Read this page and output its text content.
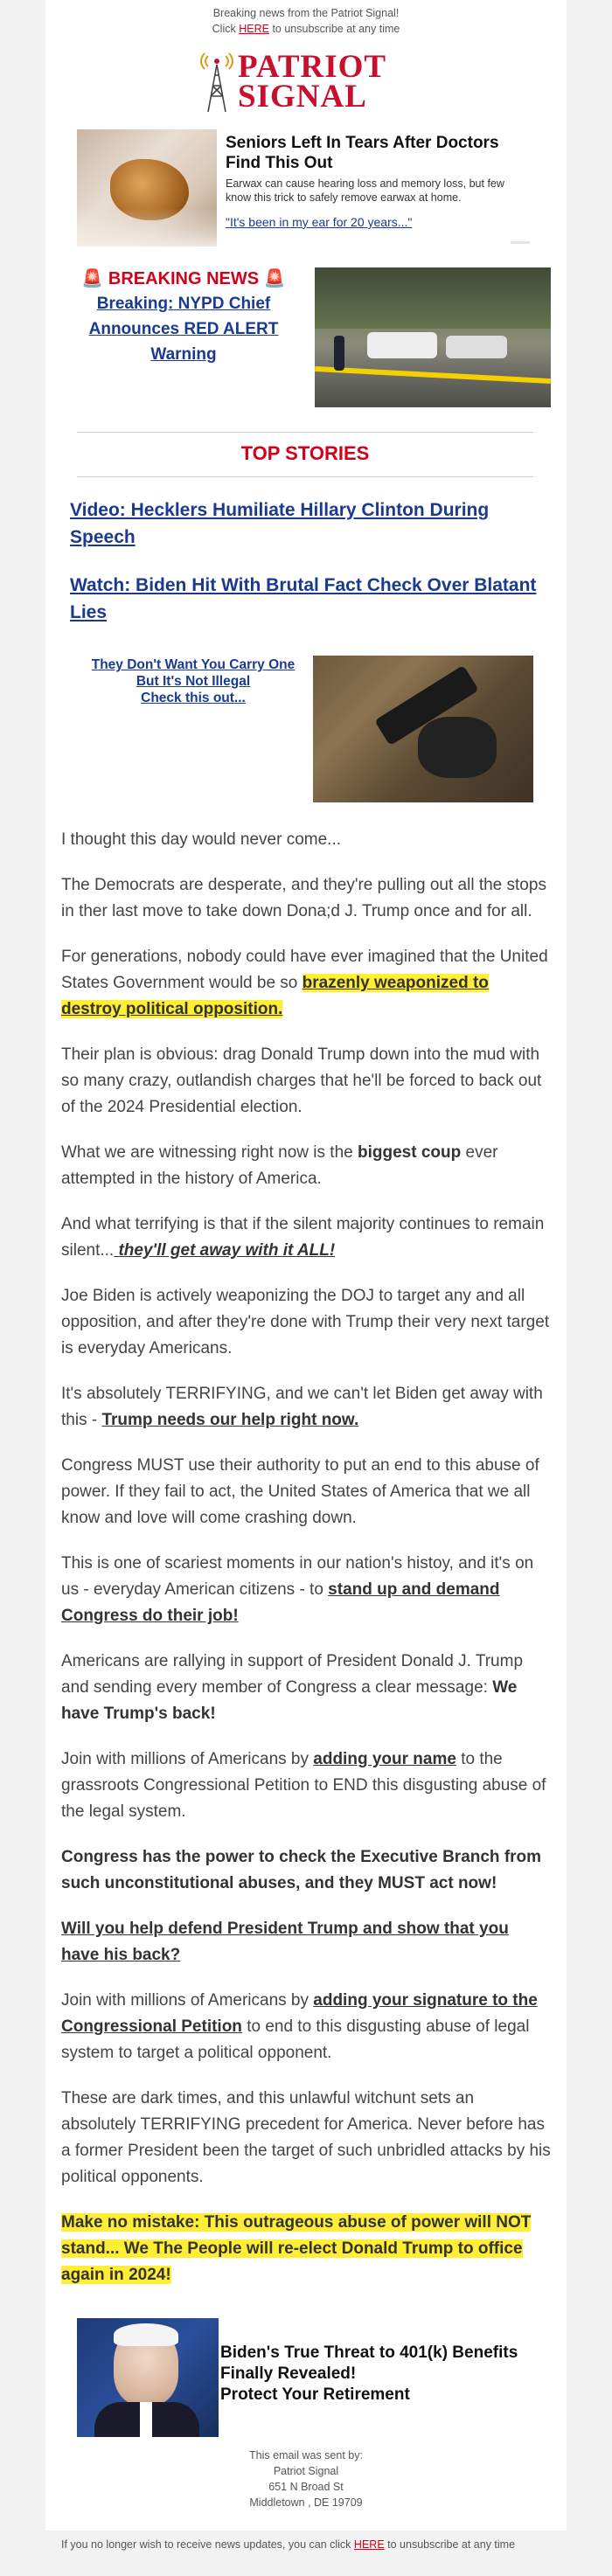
Breaking news from the Patriot Signal!
Click HERE to unsubscribe at any time
PATRIOT
SIGNAL
Seniors Left In Tears After Doctors Find This Out
Earwax can cause hearing loss and memory loss, but few know this trick to safely remove earwax at home.
"It's been in my ear for 20 years..."
🚨 BREAKING NEWS 🚨
Breaking: NYPD Chief Announces RED ALERT Warning
TOP STORIES
Video: Hecklers Humiliate Hillary Clinton During Speech
Watch: Biden Hit With Brutal Fact Check Over Blatant Lies
They Don't Want You Carry One But It's Not Illegal
Check this out...

I thought this day would never come...

The Democrats are desperate, and they're pulling out all the stops in ther last move to take down Dona;d J. Trump once and for all.

For generations, nobody could have ever imagined that the United States Government would be so brazenly weaponized to destroy political opposition.

Their plan is obvious: drag Donald Trump down into the mud with so many crazy, outlandish charges that he'll be forced to back out of the 2024 Presidential election.

What we are witnessing right now is the biggest coup ever attempted in the history of America.

And what terrifying is that if the silent majority continues to remain silent... they'll get away with it ALL!

Joe Biden is actively weaponizing the DOJ to target any and all opposition, and after they're done with Trump their very next target is everyday Americans.

It's absolutely TERRIFYING, and we can't let Biden get away with this - Trump needs our help right now.

Congress MUST use their authority to put an end to this abuse of power. If they fail to act, the United States of America that we all know and love will come crashing down.

This is one of scariest moments in our nation's histoy, and it's on us - everyday American citizens - to stand up and demand Congress do their job!

Americans are rallying in support of President Donald J. Trump and sending every member of Congress a clear message: We have Trump's back!

Join with millions of Americans by adding your name to the grassroots Congressional Petition to END this disgusting abuse of the legal system.

Congress has the power to check the Executive Branch from such unconstitutional abuses, and they MUST act now!

Will you help defend President Trump and show that you have his back?

Join with millions of Americans by adding your signature to the Congressional Petition to end to this disgusting abuse of legal system to target a political opponent.

These are dark times, and this unlawful witchunt sets an absolutely TERRIFYING precedent for America. Never before has a former President been the target of such unbridled attacks by his political opponents.

Make no mistake: This outrageous abuse of power will NOT stand... We The People will re-elect Donald Trump to office again in 2024!

Biden's True Threat to 401(k) Benefits Finally Revealed!
Protect Your Retirement
This email was sent by:
Patriot Signal
651 N Broad St
Middletown , DE 19709
If you no longer wish to receive news updates, you can click HERE to unsubscribe at any time
